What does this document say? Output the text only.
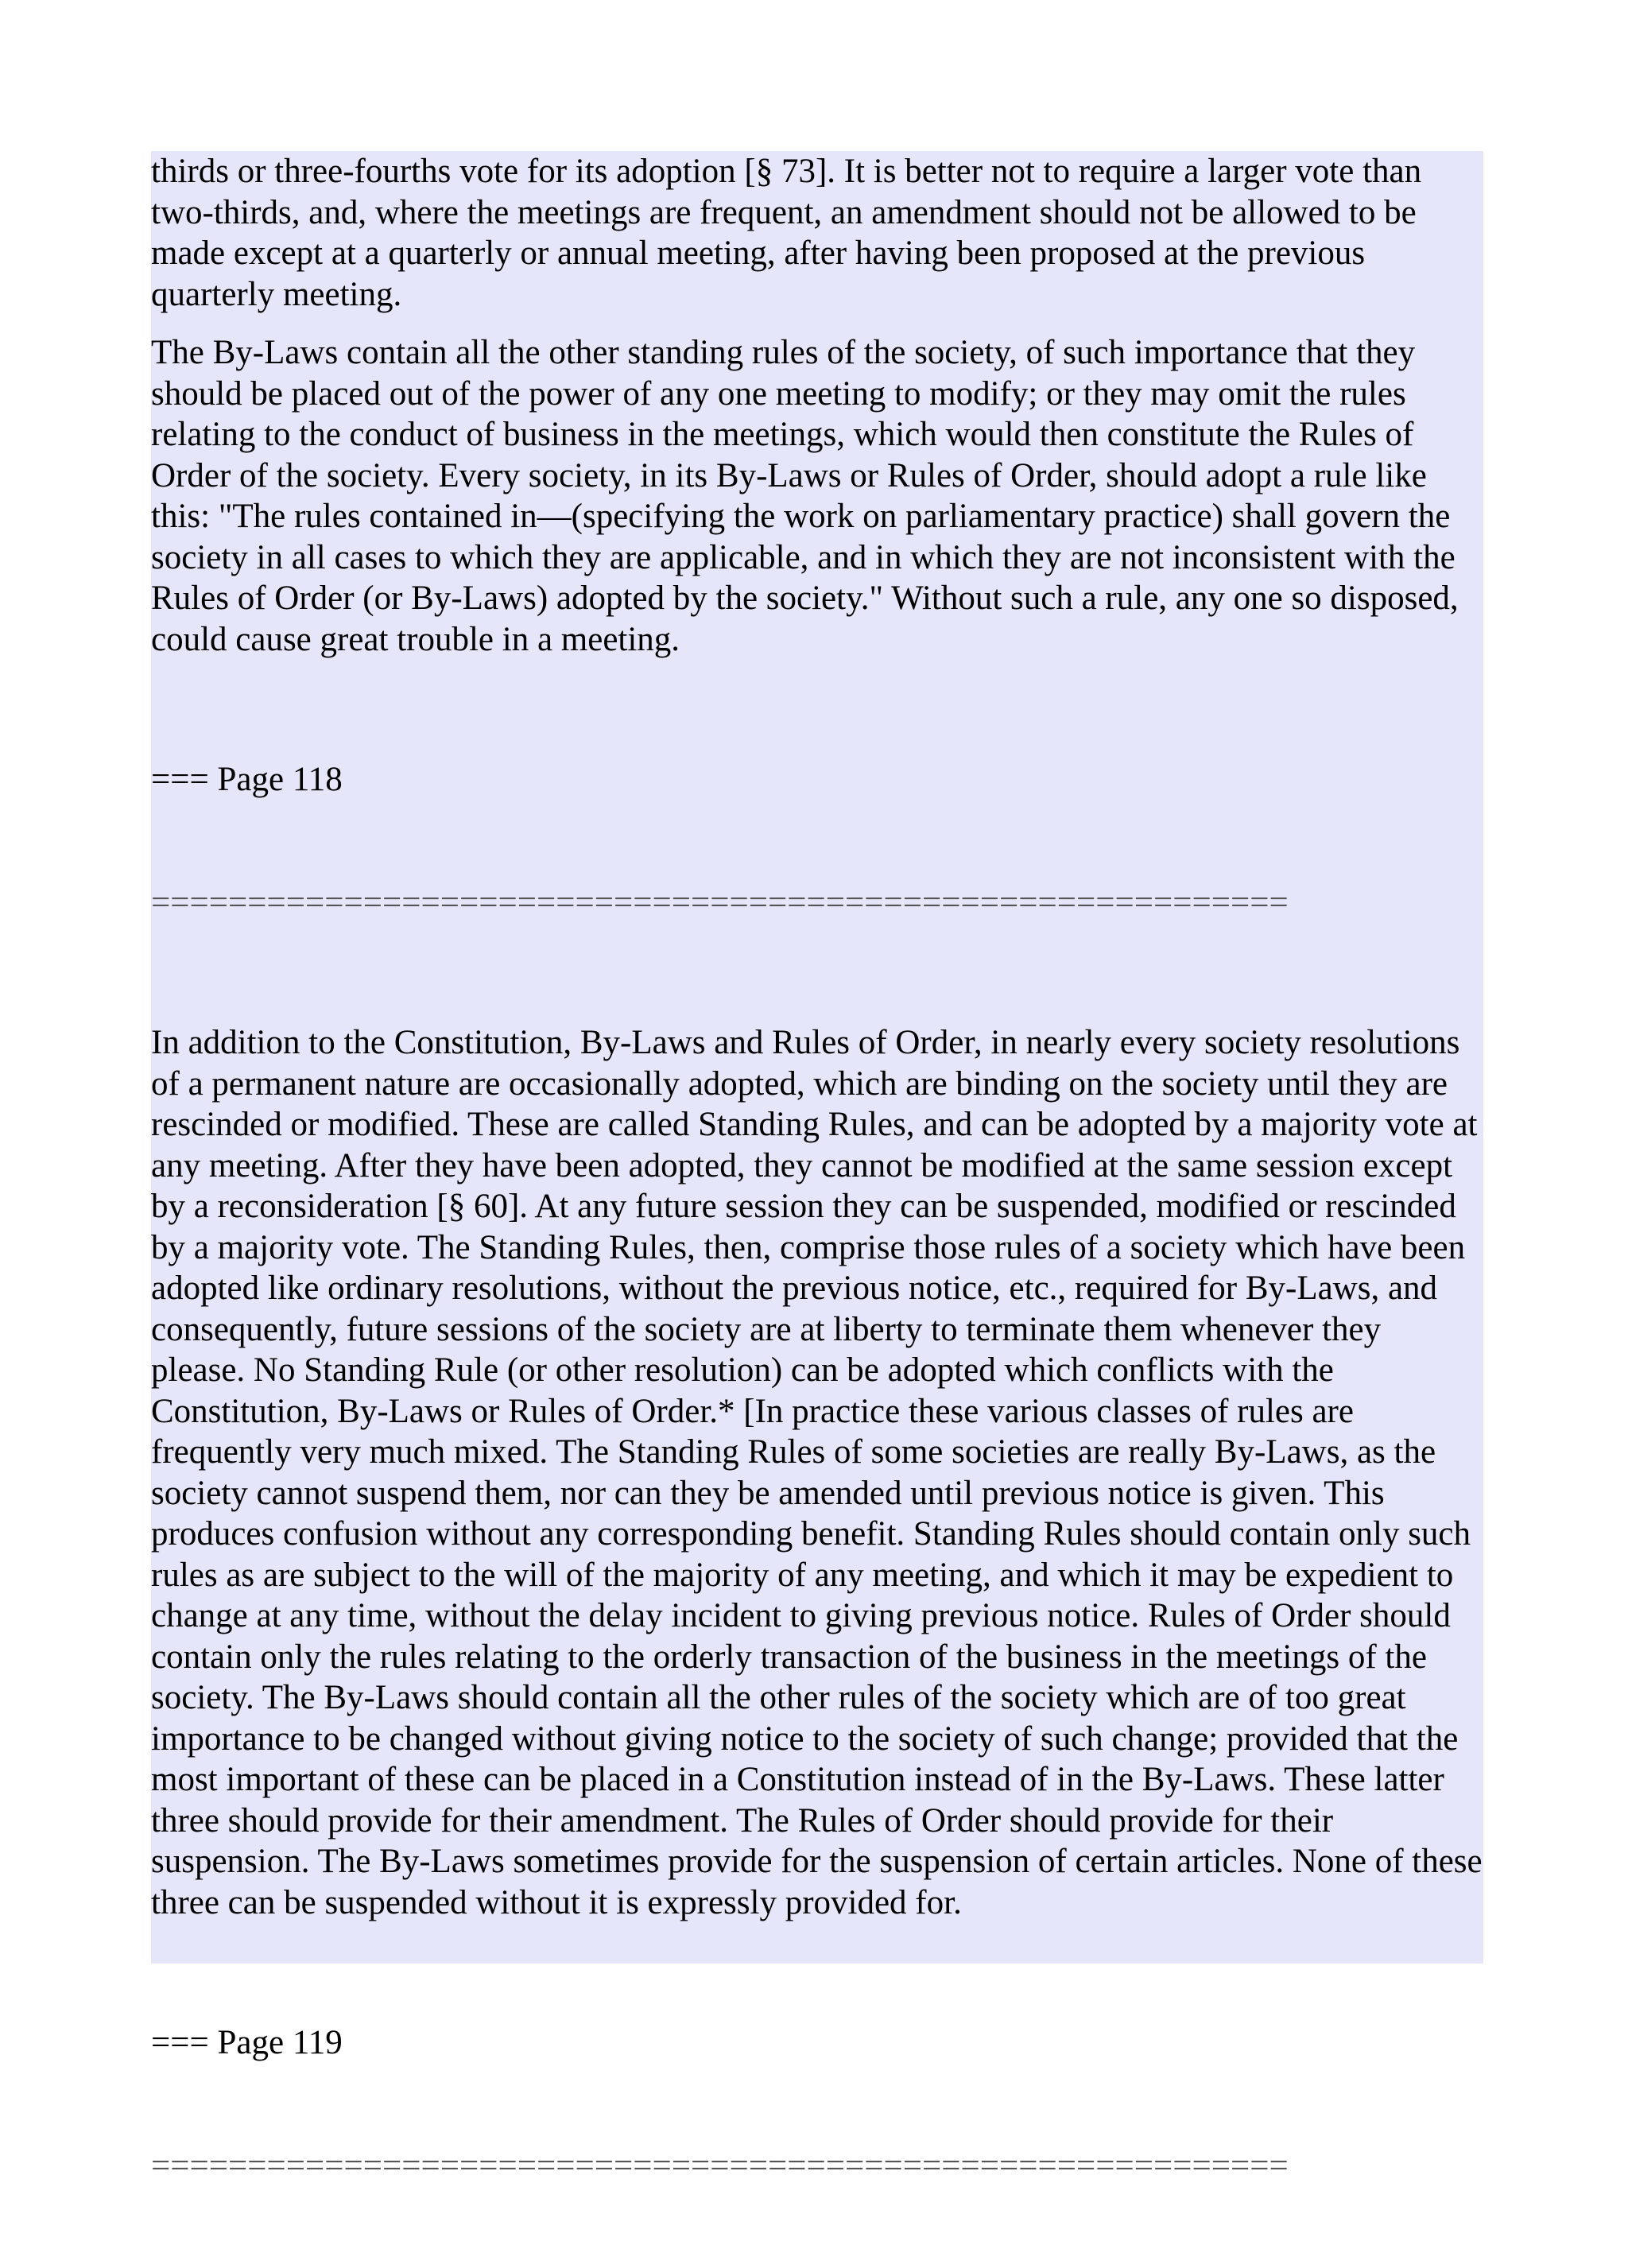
thirds or three-fourths vote for its adoption [§ 73]. It is better not to require a larger vote than two-thirds, and, where the meetings are frequent, an amendment should not be allowed to be made except at a quarterly or annual meeting, after having been proposed at the previous quarterly meeting.

The By-Laws contain all the other standing rules of the society, of such importance that they should be placed out of the power of any one meeting to modify; or they may omit the rules relating to the conduct of business in the meetings, which would then constitute the Rules of Order of the society. Every society, in its By-Laws or Rules of Order, should adopt a rule like this: "The rules contained in—(specifying the work on parliamentary practice) shall govern the society in all cases to which they are applicable, and in which they are not inconsistent with the Rules of Order (or By-Laws) adopted by the society." Without such a rule, any one so disposed, could cause great trouble in a meeting.

=== Page 118

===========================================================

In addition to the Constitution, By-Laws and Rules of Order, in nearly every society resolutions of a permanent nature are occasionally adopted, which are binding on the society until they are rescinded or modified. These are called Standing Rules, and can be adopted by a majority vote at any meeting. After they have been adopted, they cannot be modified at the same session except by a reconsideration [§ 60]. At any future session they can be suspended, modified or rescinded by a majority vote. The Standing Rules, then, comprise those rules of a society which have been adopted like ordinary resolutions, without the previous notice, etc., required for By-Laws, and consequently, future sessions of the society are at liberty to terminate them whenever they please. No Standing Rule (or other resolution) can be adopted which conflicts with the Constitution, By-Laws or Rules of Order.* [In practice these various classes of rules are frequently very much mixed. The Standing Rules of some societies are really By-Laws, as the society cannot suspend them, nor can they be amended until previous notice is given. This produces confusion without any corresponding benefit. Standing Rules should contain only such rules as are subject to the will of the majority of any meeting, and which it may be expedient to change at any time, without the delay incident to giving previous notice. Rules of Order should contain only the rules relating to the orderly transaction of the business in the meetings of the society. The By-Laws should contain all the other rules of the society which are of too great importance to be changed without giving notice to the society of such change; provided that the most important of these can be placed in a Constitution instead of in the By-Laws. These latter three should provide for their amendment. The Rules of Order should provide for their suspension. The By-Laws sometimes provide for the suspension of certain articles. None of these three can be suspended without it is expressly provided for.

=== Page 119

===========================================================
